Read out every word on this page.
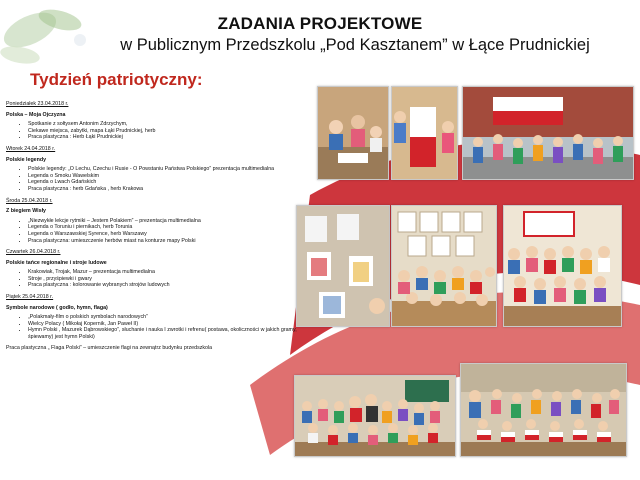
ZADANIA PROJEKTOWE
w Publicznym Przedszkolu „Pod Kasztanem” w Łące Prudnickiej
Tydzień patriotyczny:
Poniedziałek 23.04.2018 r.
Polska – Moja Ojczyzna
• Spotkanie z sołtysem Antonim Zdrzychym,
• Ciekawe miejsca, zabytki, mapa Łąki Prudnickiej, herb
• Praca plastyczna : Herb Łąki Prudnickiej
Wtorek 24.04.2018 r.
Polskie legendy
• Polskie legendy: „O Lechu, Czechu i Rusie - O Powstaniu Państwa Polskiego” prezentacja multimedialna
• Legenda o Smoku Wawelskim
• Legenda o Lwach Gdańskich
• Praca plastyczna : herb Gdańska , herb Krakowa
Środa 25.04.2018 r.
Z biegiem Wisły
• „Niezwykłe lekcje rytmiki – Jestem Polakiem” – prezentacja multimedialna
• Legenda o Toruniu i piernikach, herb Torunia
• Legenda o Warszawskiej Syrence, herb Warszawy
• Praca plastyczna: umieszczenie herbów miast na konturze mapy Polski
Czwartek 26.04.2018 r.
Polskie tańce regionalne i stroje ludowe
• Krakowiak, Trojak, Mazur – prezentacja multimedialna
• Stroje , przyśpiewki i gwary
• Praca plastyczna : kolorowanie wybranych strojów ludowych
Piątek 25.04.2018 r.
Symbole narodowe ( godło, hymn, flaga)
• „Polakmały-film o polskich symbolach narodowych”
• Wielcy Polacy ( Mikołaj Kopernik, Jan Paweł II)
• Hymn Polski , Mazurek Dąbrowskiego”, słuchanie i nauka I zwrotki i refrenu( postawa, okoliczności w jakich gramy, śpiewamy) jest hymn Polski)
Praca plastyczna „ Flaga Polski” – umieszczenie flagi na zewnątrz budynku przedszkola
